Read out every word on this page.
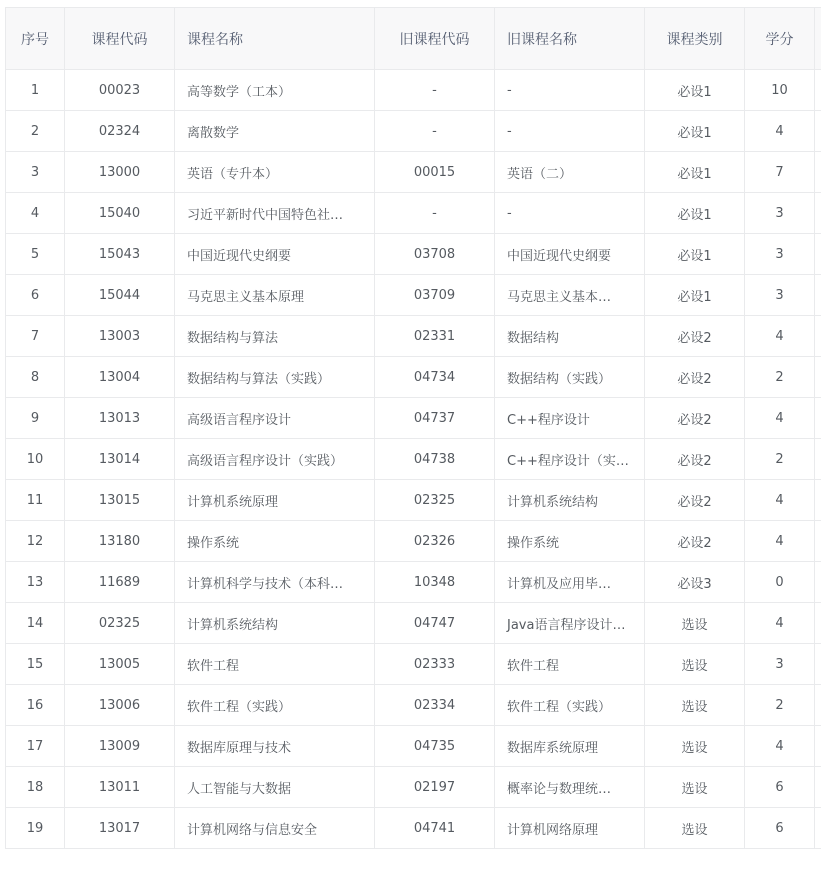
序号	课程代码	课程名称	旧课程代码	旧课程名称	课程类别	学分	
1	00023	高等数学（工本）	-	-	必设1	10	
2	02324	离散数学	-	-	必设1	4	
3	13000	英语（专升本）	00015	英语（二）	必设1	7	
4	15040	习近平新时代中国特色社…	-	-	必设1	3	
5	15043	中国近现代史纲要	03708	中国近现代史纲要	必设1	3	
6	15044	马克思主义基本原理	03709	马克思主义基本…	必设1	3	
7	13003	数据结构与算法	02331	数据结构	必设2	4	
8	13004	数据结构与算法（实践）	04734	数据结构（实践）	必设2	2	
9	13013	高级语言程序设计	04737	C++程序设计	必设2	4	
10	13014	高级语言程序设计（实践）	04738	C++程序设计（实…	必设2	2	
11	13015	计算机系统原理	02325	计算机系统结构	必设2	4	
12	13180	操作系统	02326	操作系统	必设2	4	
13	11689	计算机科学与技术（本科…	10348	计算机及应用毕…	必设3	0	
14	02325	计算机系统结构	04747	Java语言程序设计…	选设	4	
15	13005	软件工程	02333	软件工程	选设	3	
16	13006	软件工程（实践）	02334	软件工程（实践）	选设	2	
17	13009	数据库原理与技术	04735	数据库系统原理	选设	4	
18	13011	人工智能与大数据	02197	概率论与数理统…	选设	6	
19	13017	计算机网络与信息安全	04741	计算机网络原理	选设	6	
